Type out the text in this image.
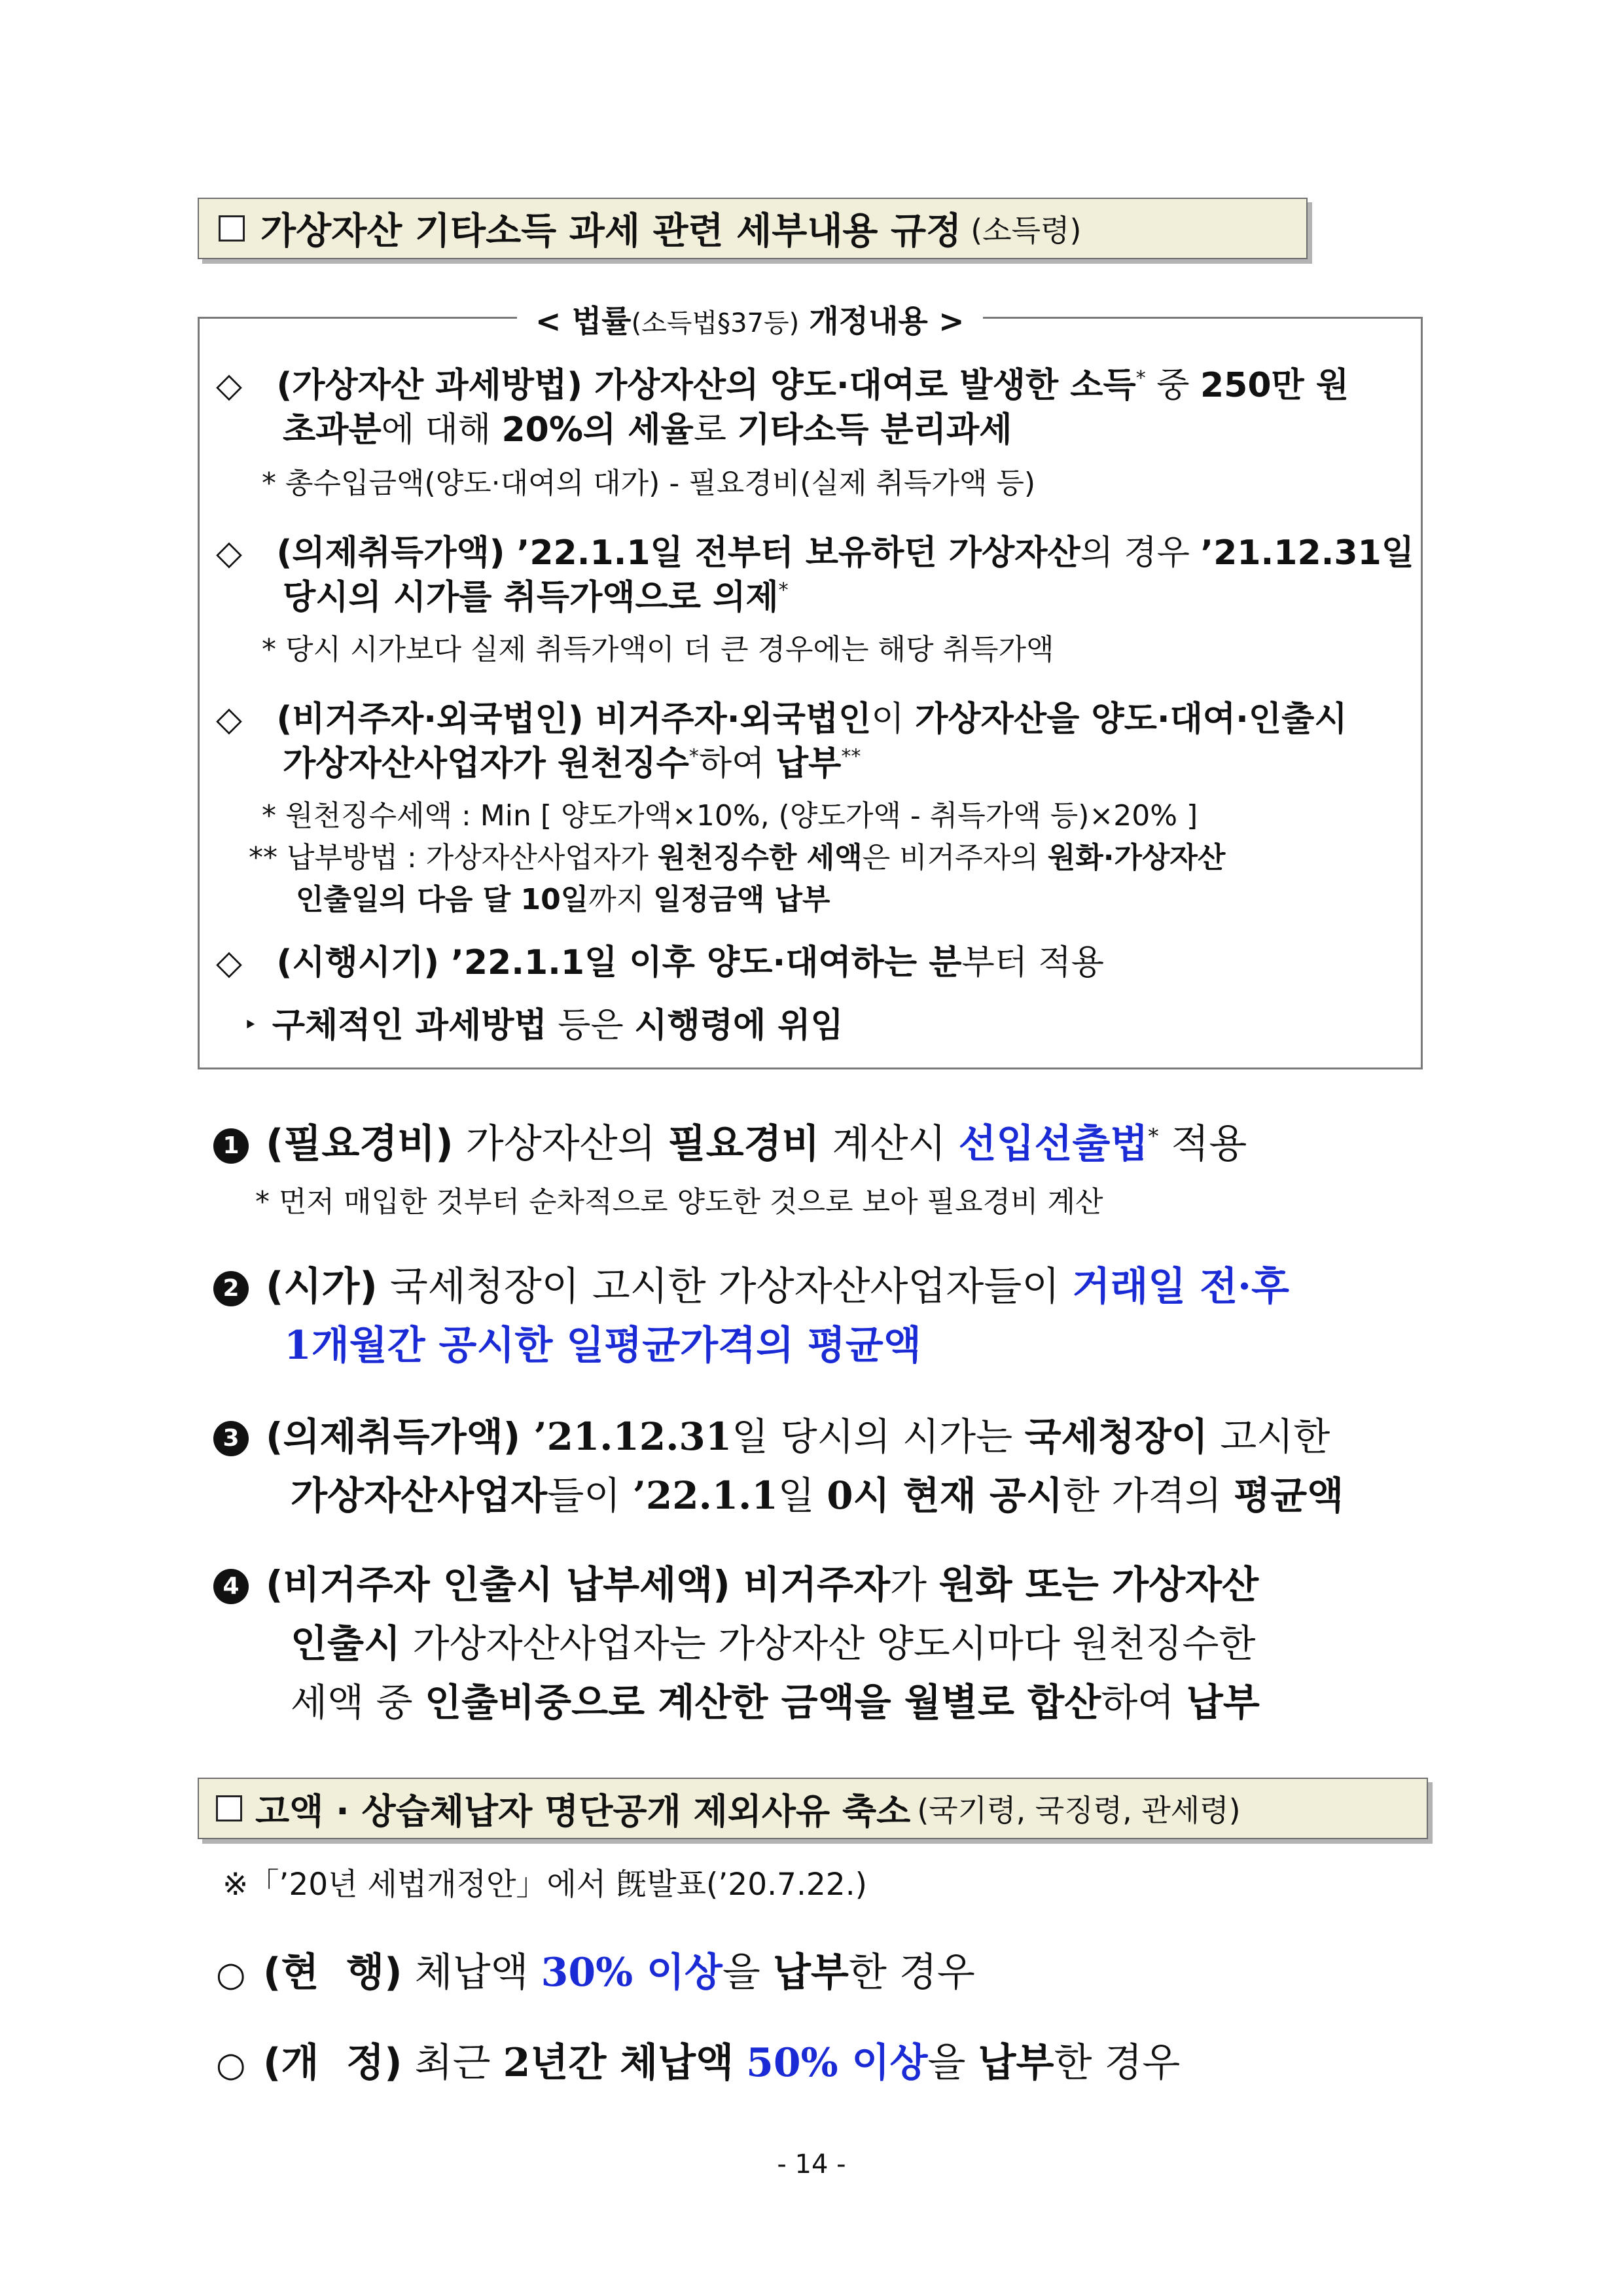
가상자산 기타소득 과세 관련 세부내용 규정 (소득령)
< 법률(소득법§37등) 개정내용 >
◇ (가상자산 과세방법) 가상자산의 양도·대여로 발생한 소득* 중 250만 원
초과분에 대해 20%의 세율로 기타소득 분리과세
* 총수입금액(양도·대여의 대가) - 필요경비(실제 취득가액 등)
◇ (의제취득가액) ’22.1.1일 전부터 보유하던 가상자산의 경우 ’21.12.31일
당시의 시가를 취득가액으로 의제*
* 당시 시가보다 실제 취득가액이 더 큰 경우에는 해당 취득가액
◇ (비거주자·외국법인) 비거주자·외국법인이 가상자산을 양도·대여·인출시
가상자산사업자가 원천징수*하여 납부**
* 원천징수세액 : Min [ 양도가액×10%, (양도가액 - 취득가액 등)×20% ]
** 납부방법 : 가상자산사업자가 원천징수한 세액은 비거주자의 원화·가상자산
인출일의 다음 달 10일까지 일정금액 납부
◇ (시행시기) ’22.1.1일 이후 양도·대여하는 분부터 적용
‣ 구체적인 과세방법 등은 시행령에 위임
1 (필요경비) 가상자산의 필요경비 계산시 선입선출법* 적용
* 먼저 매입한 것부터 순차적으로 양도한 것으로 보아 필요경비 계산
2 (시가) 국세청장이 고시한 가상자산사업자들이 거래일 전·후
1개월간 공시한 일평균가격의 평균액
3 (의제취득가액) ’21.12.31일 당시의 시가는 국세청장이 고시한
가상자산사업자들이 ’22.1.1일 0시 현재 공시한 가격의 평균액
4 (비거주자 인출시 납부세액) 비거주자가 원화 또는 가상자산
인출시 가상자산사업자는 가상자산 양도시마다 원천징수한
세액 중 인출비중으로 계산한 금액을 월별로 합산하여 납부
고액 · 상습체납자 명단공개 제외사유 축소 (국기령, 국징령, 관세령)
※「’20년 세법개정안」에서 旣발표(’20.7.22.)
○ (현  행) 체납액 30% 이상을 납부한 경우
○ (개  정) 최근 2년간 체납액 50% 이상을 납부한 경우
- 14 -
